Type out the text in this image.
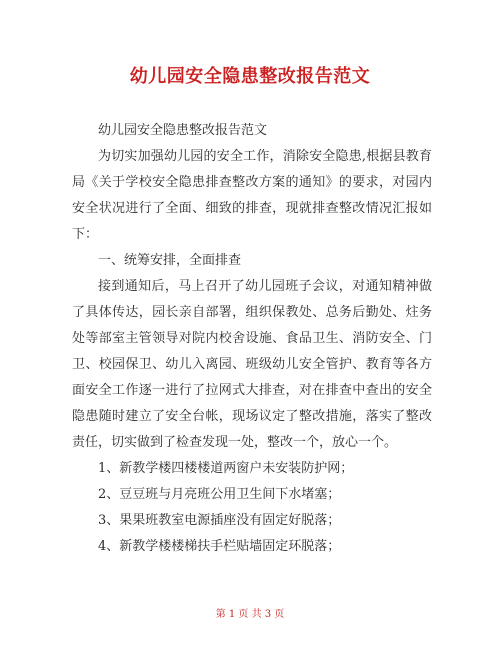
幼儿园安全隐患整改报告范文

幼儿园安全隐患整改报告范文

为切实加强幼儿园的安全工作，消除安全隐患,根据县教育局《关于学校安全隐患排查整改方案的通知》的要求，对园内安全状况进行了全面、细致的排查，现就排查整改情况汇报如下：

一、统筹安排，全面排查

接到通知后，马上召开了幼儿园班子会议，对通知精神做了具体传达，园长亲自部署，组织保教处、总务后勤处、炷务处等部室主管领导对院内校舍设施、食品卫生、消防安全、门卫、校园保卫、幼儿入离园、班级幼儿安全管护、教育等各方面安全工作逐一进行了拉网式大排查，对在排查中查出的安全隐患随时建立了安全台帐，现场议定了整改措施，落实了整改责任，切实做到了检查发现一处，整改一个，放心一个。

1、新教学楼四楼楼道两窗户未安装防护网；

2、豆豆班与月亮班公用卫生间下水堵塞；

3、果果班教室电源插座没有固定好脱落；

4、新教学楼楼梯扶手栏贴墙固定环脱落；

第 1 页 共 3 页
